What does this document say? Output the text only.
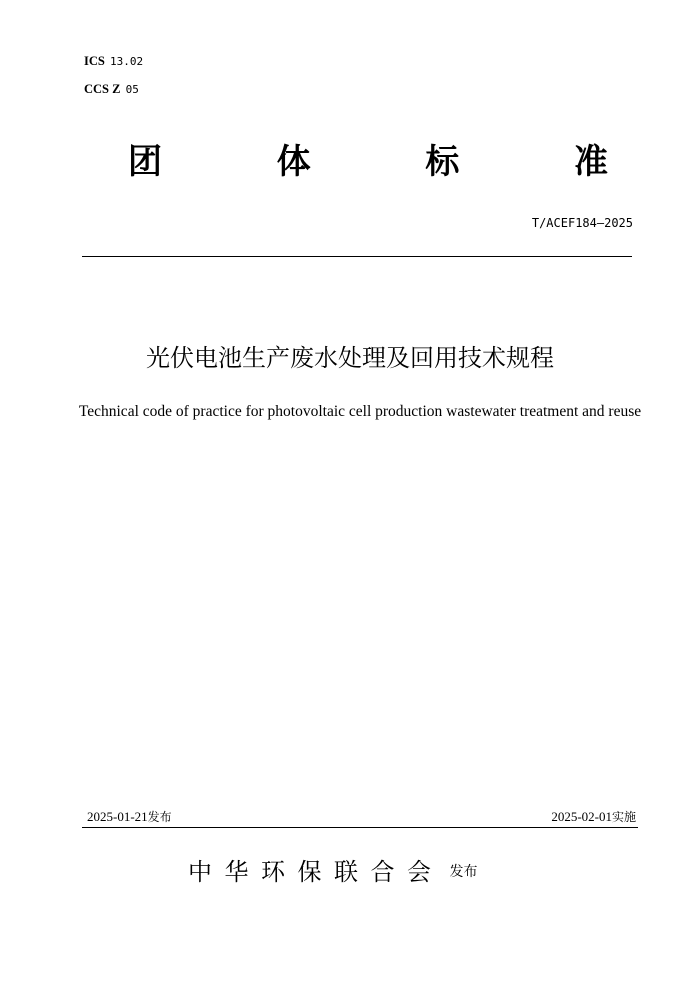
ICS 13.02
CCS Z 05
团	体	标	准
T/ACEF184—2025
光伏电池生产废水处理及回用技术规程
Technical code of practice for photovoltaic cell production wastewater treatment and reuse
2025-01-21发布	2025-02-01实施
中华环保联合会 发布
